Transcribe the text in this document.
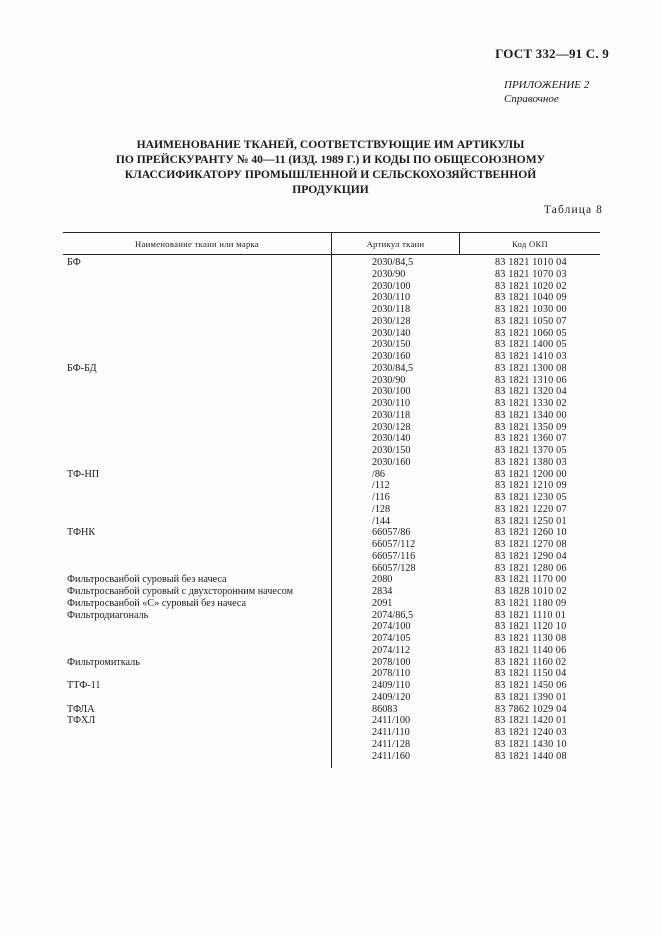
ГОСТ 332—91 С. 9
ПРИЛОЖЕНИЕ 2
Справочное
НАИМЕНОВАНИЕ ТКАНЕЙ, СООТВЕТСТВУЮЩИЕ ИМ АРТИКУЛЫ
ПО ПРЕЙСКУРАНТУ № 40—11 (ИЗД. 1989 Г.) И КОДЫ ПО ОБЩЕСОЮЗНОМУ
КЛАССИФИКАТОРУ ПРОМЫШЛЕННОЙ И СЕЛЬСКОХОЗЯЙСТВЕННОЙ
ПРОДУКЦИИ
Таблица 8
Наименование ткани или марка	Артикул ткани	Код ОКП
БФ	2030/84,5	83 1821 1010 04
2030/90	83 1821 1070 03
2030/100	83 1821 1020 02
2030/110	83 1821 1040 09
2030/118	83 1821 1030 00
2030/128	83 1821 1050 07
2030/140	83 1821 1060 05
2030/150	83 1821 1400 05
2030/160	83 1821 1410 03
БФ-БД	2030/84,5	83 1821 1300 08
2030/90	83 1821 1310 06
2030/100	83 1821 1320 04
2030/110	83 1821 1330 02
2030/118	83 1821 1340 00
2030/128	83 1821 1350 09
2030/140	83 1821 1360 07
2030/150	83 1821 1370 05
2030/160	83 1821 1380 03
ТФ-НП	/86	83 1821 1200 00
/112	83 1821 1210 09
/116	83 1821 1230 05
/128	83 1821 1220 07
/144	83 1821 1250 01
ТФНК	66057/86	83 1821 1260 10
66057/112	83 1821 1270 08
66057/116	83 1821 1290 04
66057/128	83 1821 1280 06
Фильтросванбой суровый без начеса	2080	83 1821 1170 00
Фильтросванбой суровый с двухсторонним начесом	2834	83 1828 1010 02
Фильтросванбой «С» суровый без начеса	2091	83 1821 1180 09
Фильтродиагональ	2074/86,5	83 1821 1110 01
2074/100	83 1821 1120 10
2074/105	83 1821 1130 08
2074/112	83 1821 1140 06
Фильтромиткаль	2078/100	83 1821 1160 02
2078/110	83 1821 1150 04
ТТФ-11	2409/110	83 1821 1450 06
2409/120	83 1821 1390 01
ТФЛА	86083	83 7862 1029 04
ТФХЛ	2411/100	83 1821 1420 01
2411/110	83 1821 1240 03
2411/128	83 1821 1430 10
2411/160	83 1821 1440 08
